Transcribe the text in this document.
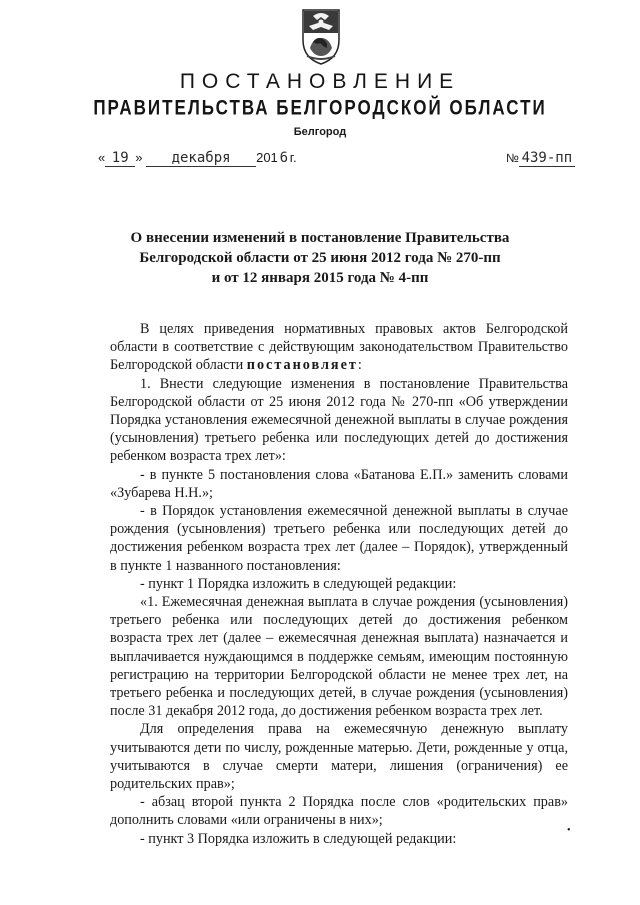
ПОСТАНОВЛЕНИЕ
ПРАВИТЕЛЬСТВА БЕЛГОРОДСКОЙ ОБЛАСТИ
Белгород
« 19 » декабря 201 6 г.	№ 439-пп
О внесении изменений в постановление Правительства
Белгородской области от 25 июня 2012 года № 270-пп
и от 12 января 2015 года № 4-пп

В целях приведения нормативных правовых актов Белгородской области в соответствие с действующим законодательством Правительство Белгородской области постановляет:

1. Внести следующие изменения в постановление Правительства Белгородской области от 25 июня 2012 года № 270-пп «Об утверждении Порядка установления ежемесячной денежной выплаты в случае рождения (усыновления) третьего ребенка или последующих детей до достижения ребенком возраста трех лет»:

- в пункте 5 постановления слова «Батанова Е.П.» заменить словами «Зубарева Н.Н.»;

- в Порядок установления ежемесячной денежной выплаты в случае рождения (усыновления) третьего ребенка или последующих детей до достижения ребенком возраста трех лет (далее – Порядок), утвержденный в пункте 1 названного постановления:

- пункт 1 Порядка изложить в следующей редакции:

«1. Ежемесячная денежная выплата в случае рождения (усыновления) третьего ребенка или последующих детей до достижения ребенком возраста трех лет (далее – ежемесячная денежная выплата) назначается и выплачивается нуждающимся в поддержке семьям, имеющим постоянную регистрацию на территории Белгородской области не менее трех лет, на третьего ребенка и последующих детей, в случае рождения (усыновления) после 31 декабря 2012 года, до достижения ребенком возраста трех лет.

Для определения права на ежемесячную денежную выплату учитываются дети по числу, рожденные матерью. Дети, рожденные у отца, учитываются в случае смерти матери, лишения (ограничения) ее родительских прав»;

- абзац второй пункта 2 Порядка после слов «родительских прав» дополнить словами «или ограничены в них»;

- пункт 3 Порядка изложить в следующей редакции:

•
